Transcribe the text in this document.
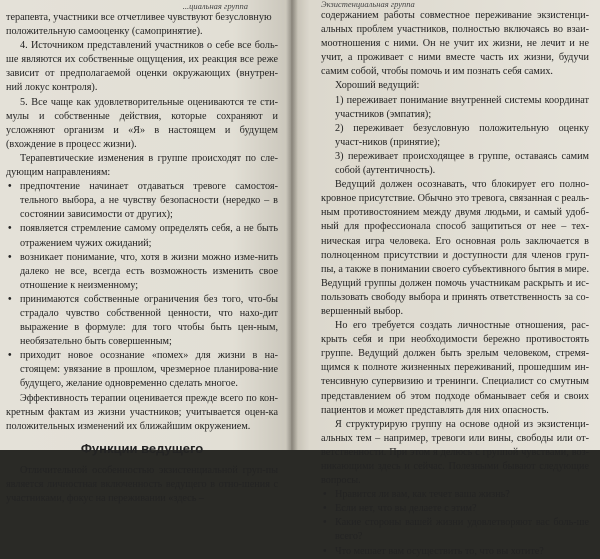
...циальная группа

терапевта, участники все отчетливее чувствуют безусловную

положительную самооценку (самопринятие).

4. Источником представлений участников о себе все боль-ше являются их собственные ощущения, их реакция все реже зависит от предполагаемой оценки окружающих (внутрен-ний локус контроля).

5. Все чаще как удовлетворительные оцениваются те сти-мулы и собственные действия, которые сохраняют и усложняют организм и «Я» в настоящем и будущем (вхождение в процесс жизни).

Терапевтические изменения в группе происходят по сле-дующим направлениям:

• предпочтение начинает отдаваться тревоге самостоя-тельного выбора, а не чувству безопасности (нередко – в состоянии зависимости от других);
• появляется стремление самому определять себя, а не быть отражением чужих ожиданий;
• возникает понимание, что, хотя в жизни можно изме-нить далеко не все, всегда есть возможность изменить свое отношение к неизменному;
• принимаются собственные ограничения без того, что-бы страдало чувство собственной ценности, что нахо-дит выражение в формуле: для того чтобы быть цен-ным, необязательно быть совершенным;
• приходит новое осознание «помех» для жизни в на-стоящем: увязание в прошлом, чрезмерное планирова-ние будущего, желание одновременно сделать многое.

Эффективность терапии оценивается прежде всего по кон-кретным фактам из жизни участников; учитывается оцен-ка положительных изменений их ближайшим окружением.

Функции ведущего

Отличительной особенностью экзистенциальной груп-пы является личностная включенность ведущего в отно-шения с участниками, фокус на переживании «здесь –

Экзистенциальная группа

содержанием работы совместное переживание экзистенци-альных проблем участников, полностью включаясь во взаи-моотношения с ними. Он не учит их жизни, не лечит и не учит, а проживает с ними вместе часть их жизни, будучи самим собой, чтобы помочь и им познать себя самих.

Хороший ведущий:

1) переживает понимание внутренней системы координат участников (эмпатия);

2) переживает безусловную положительную оценку участ-ников (принятие);

3) переживает происходящее в группе, оставаясь самим собой (аутентичность).

Ведущий должен осознавать, что блокирует его полно-кровное присутствие. Обычно это тревога, связанная с реаль-ным противостоянием между двумя людьми, и самый удоб-ный для профессионала способ защититься от нее – тех-ническая игра человека. Его основная роль заключается в полноценном присутствии и доступности для членов груп-пы, а также в понимании своего субъективного бытия в мире. Ведущий группы должен помочь участникам раскрыть и ис-пользовать свободу выбора и принять ответственность за со-вершенный выбор.

Но его требуется создать личностные отношения, рас-крыть себя и при необходимости бережно противостоять группе. Ведущий должен быть зрелым человеком, стремя-щимся к полноте жизненных переживаний, прошедшим ин-тенсивную супервизию и тренинги. Специалист со смутным представлением об этом подходе обманывает себя и своих пациентов и может представлять для них опасность.

Я структурирую группу на основе одной из экзистенци-альных тем – например, тревоги или вины, свободы или от-ветственности. При этом я делюсь с группой чувствами, воз-никающими здесь и сейчас. Полезными бывают следующие вопросы.

• Нравится ли вам, как течет ваша жизнь?
• Если нет, что вы делаете с этим?
• Какие стороны вашей жизни удовлетворяют вас боль-ше всего?
• Что мешает вам осуществить то, что вы хотите?
